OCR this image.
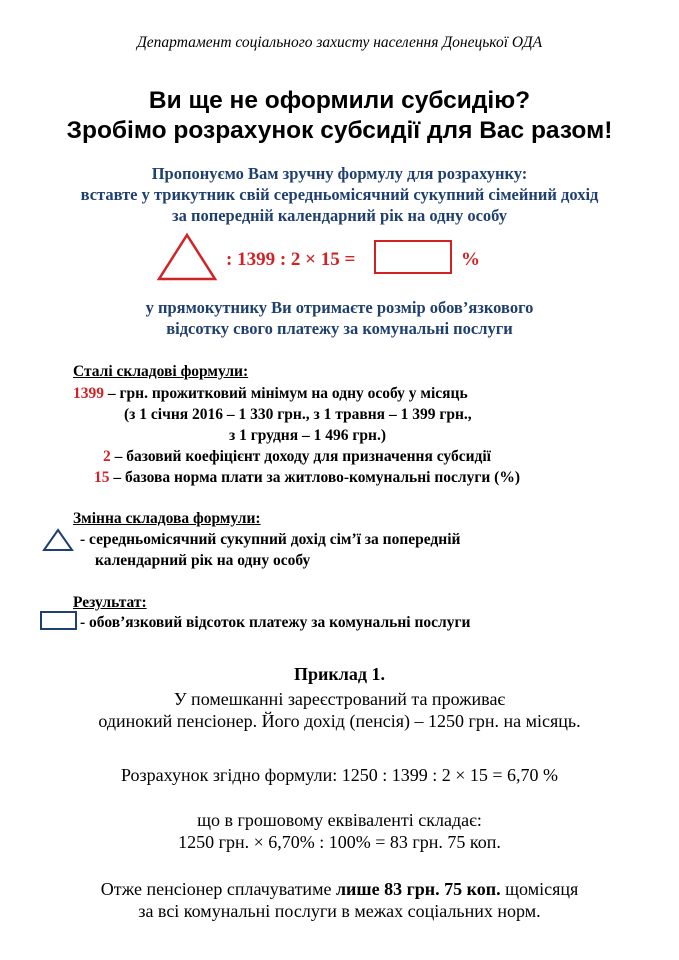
Департамент соціального захисту населення Донецької ОДА
Ви ще не оформили субсидію?
Зробімо розрахунок субсидії для Вас разом!
Пропонуємо Вам зручну формулу для розрахунку:
вставте у трикутник свій середньомісячний сукупний сімейний дохід
за попередній календарний рік на одну особу
: 1399 : 2 × 15 =	%
у прямокутнику Ви отримаєте розмір обов’язкового
відсотку свого платежу за комунальні послуги
Сталі складові формули:
1399 – грн. прожитковий мінімум на одну особу у місяць
(з 1 січня 2016 – 1 330 грн., з 1 травня – 1 399 грн.,
з 1 грудня – 1 496 грн.)
2 – базовий коефіцієнт доходу для призначення субсидії
15 – базова норма плати за житлово-комунальні послуги (%)
Змінна складова формули:
- середньомісячний сукупний дохід сім’ї за попередній
календарний рік на одну особу
Результат:
- обов’язковий відсоток платежу за комунальні послуги
Приклад 1.
У помешканні зареєстрований та проживає
одинокий пенсіонер. Його дохід (пенсія) – 1250 грн. на місяць.
Розрахунок згідно формули: 1250 : 1399 : 2 × 15 = 6,70 %
що в грошовому еквіваленті складає:
1250 грн. × 6,70% : 100% = 83 грн. 75 коп.
Отже пенсіонер сплачуватиме лише 83 грн. 75 коп. щомісяця
за всі комунальні послуги в межах соціальних норм.
